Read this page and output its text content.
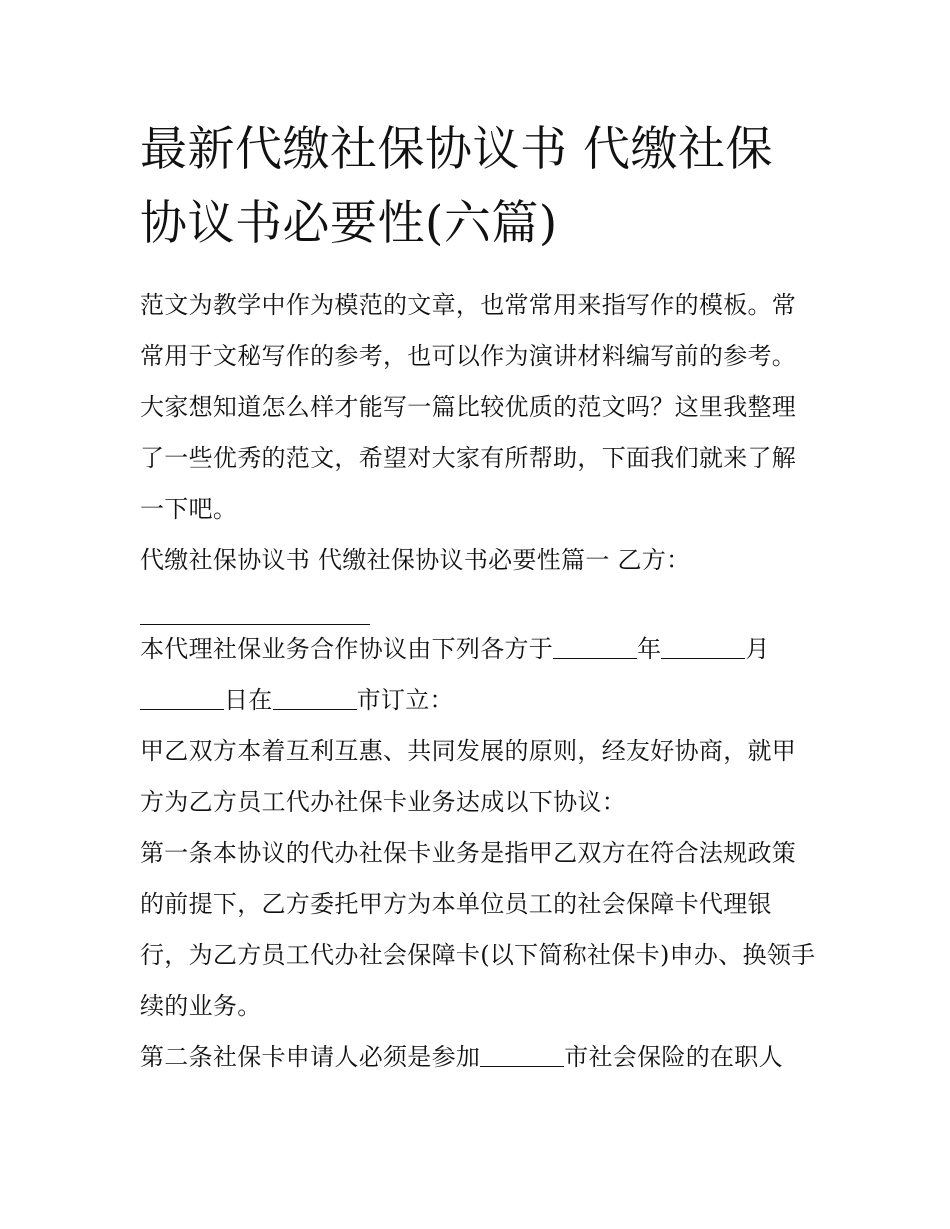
最新代缴社保协议书 代缴社保协议书必要性(六篇)

范文为教学中作为模范的文章，也常常用来指写作的模板。常常用于文秘写作的参考，也可以作为演讲材料编写前的参考。大家想知道怎么样才能写一篇比较优质的范文吗？这里我整理了一些优秀的范文，希望对大家有所帮助，下面我们就来了解一下吧。

代缴社保协议书 代缴社保协议书必要性篇一 乙方：

本代理社保业务合作协议由下列各方于	年	月
日在	市订立：

甲乙双方本着互利互惠、共同发展的原则，经友好协商，就甲方为乙方员工代办社保卡业务达成以下协议：

第一条本协议的代办社保卡业务是指甲乙双方在符合法规政策的前提下，乙方委托甲方为本单位员工的社会保障卡代理银行，为乙方员工代办社会保障卡(以下简称社保卡)申办、换领手续的业务。

第二条社保卡申请人必须是参加	市社会保险的在职人
